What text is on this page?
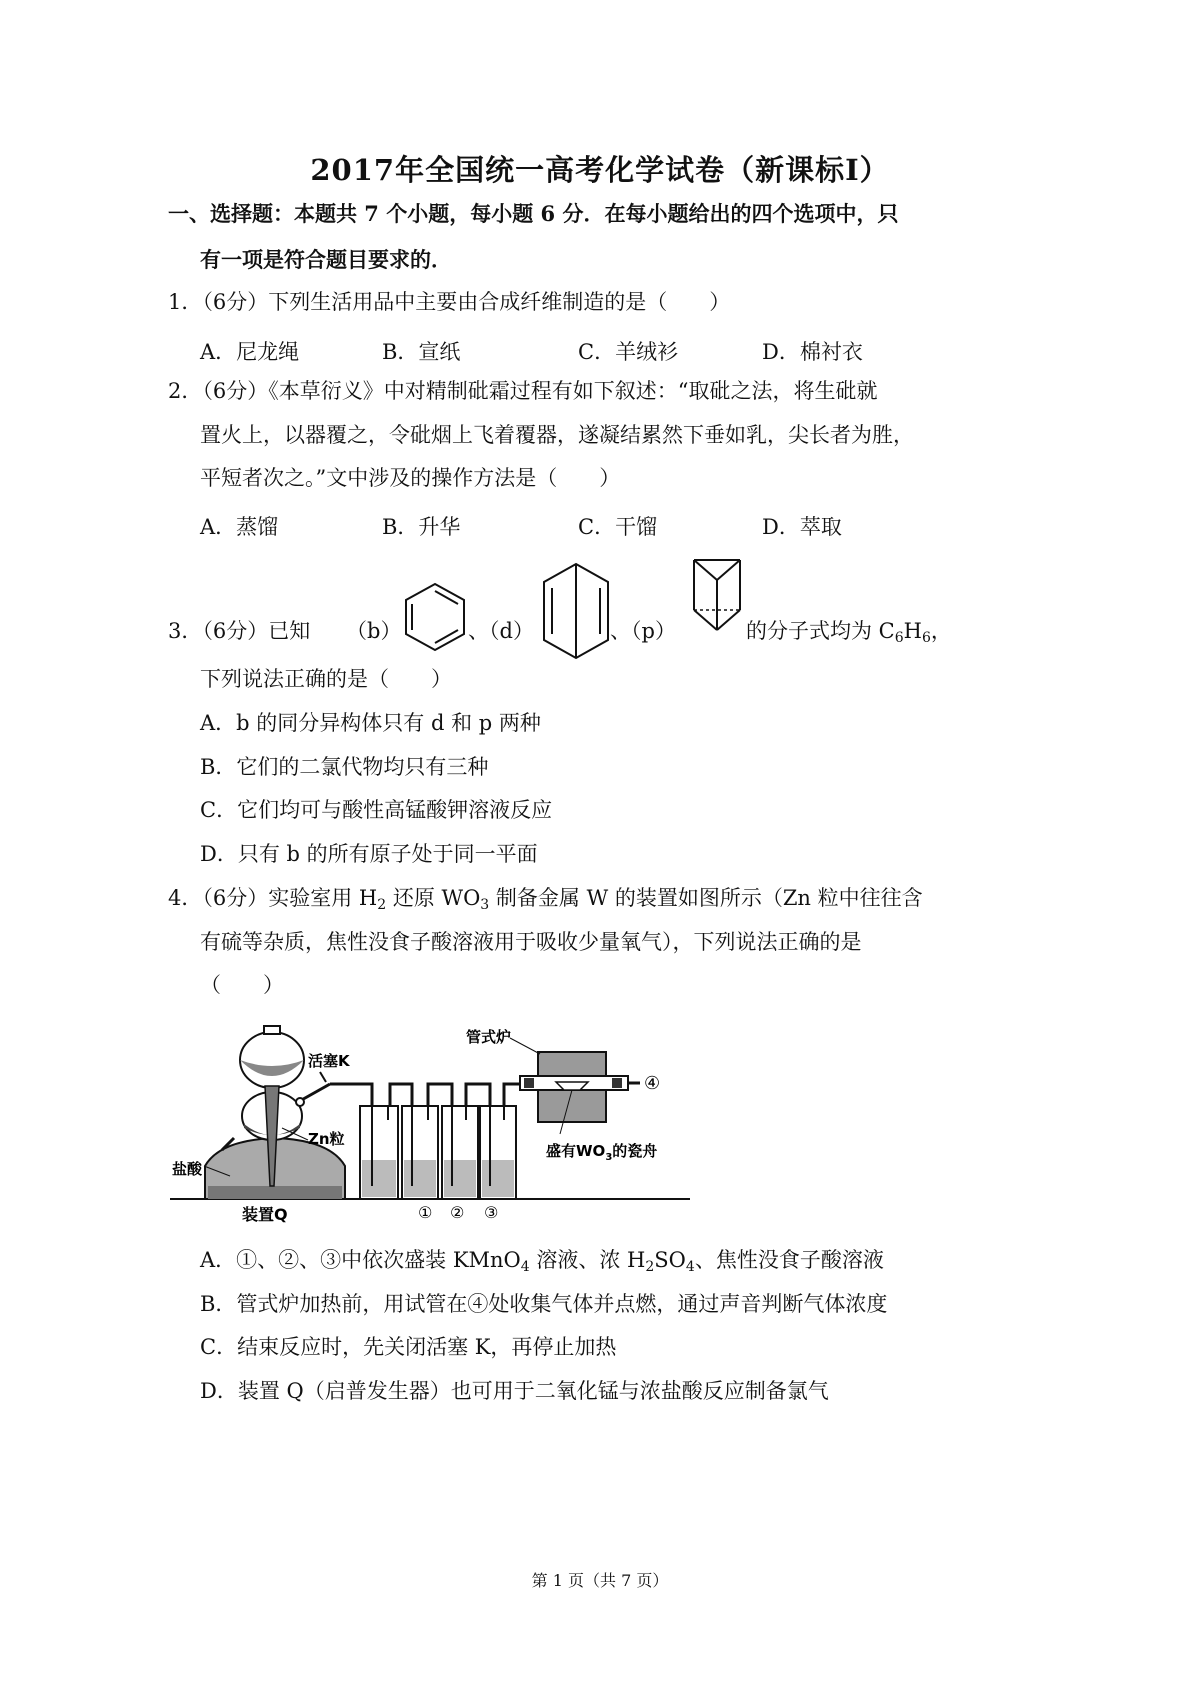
2017年全国统一高考化学试卷（新课标Ⅰ）
一、选择题：本题共 7 个小题，每小题 6 分．在每小题给出的四个选项中，只
有一项是符合题目要求的．
1．（6分）下列生活用品中主要由合成纤维制造的是（　　）
A．尼龙绳	B．宣纸	C．羊绒衫	D．棉衬衣
2．（6分）《本草衍义》中对精制砒霜过程有如下叙述：“取砒之法，将生砒就
置火上，以器覆之，令砒烟上飞着覆器，遂凝结累然下垂如乳，尖长者为胜，
平短者次之。”文中涉及的操作方法是（　　）
A．蒸馏	B．升华	C．干馏	D．萃取
3．（6分）已知 （b）	、（d）	、（p）	的分子式均为 $C_6H_6$，
下列说法正确的是（　　）
A．b 的同分异构体只有 d 和 p 两种
B．它们的二氯代物均只有三种
C．它们均可与酸性高锰酸钾溶液反应
D．只有 b 的所有原子处于同一平面
4．（6分）实验室用 $H_2$ 还原 $WO_3$ 制备金属 W 的装置如图所示（Zn 粒中往往含
有硫等杂质，焦性没食子酸溶液用于吸收少量氧气），下列说法正确的是
（　　）
活塞K
Zn粒
盐酸
装置Q	① ② ③
管式炉
④
盛有$WO_3$的瓷舟
A．①、②、③中依次盛装 KMnO$_4$ 溶液、浓 $H_2SO_4$、焦性没食子酸溶液
B．管式炉加热前，用试管在④处收集气体并点燃，通过声音判断气体浓度
C．结束反应时，先关闭活塞 K，再停止加热
D．装置 Q（启普发生器）也可用于二氧化锰与浓盐酸反应制备氯气
第 1 页（共 7 页）
